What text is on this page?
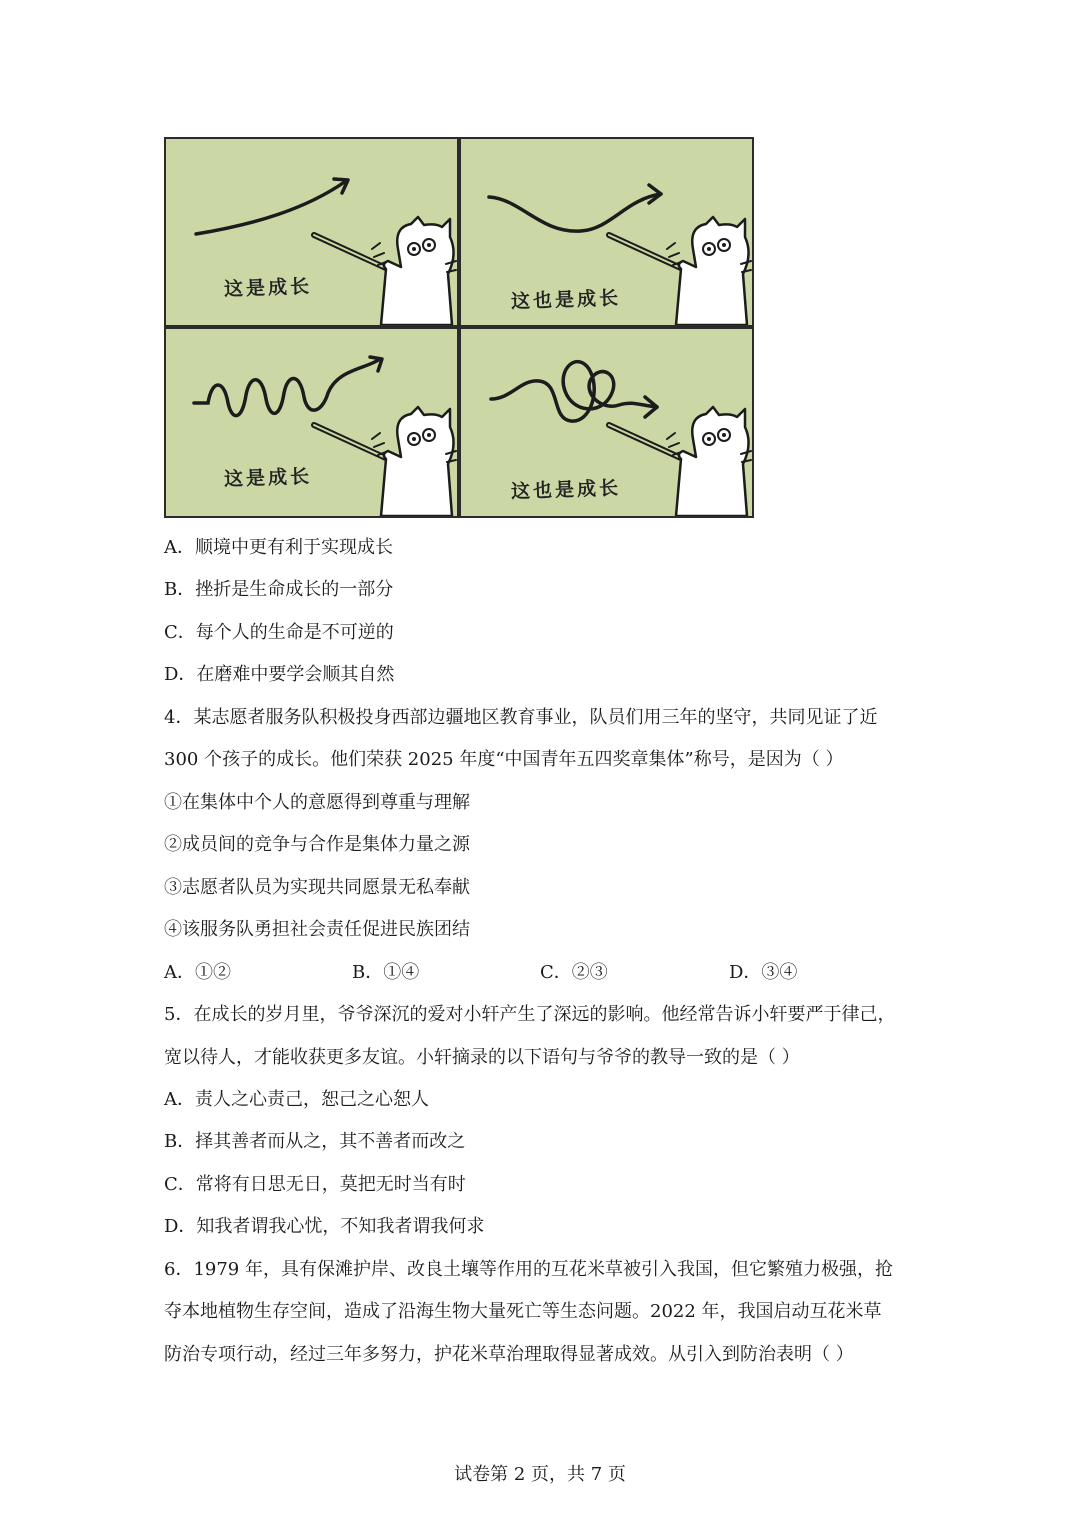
这是成长	这也是成长
这是成长	这也是成长
A．顺境中更有利于实现成长
B．挫折是生命成长的一部分
C．每个人的生命是不可逆的
D．在磨难中要学会顺其自然
4．某志愿者服务队积极投身西部边疆地区教育事业，队员们用三年的坚守，共同见证了近
300 个孩子的成长。他们荣获 2025 年度“中国青年五四奖章集体”称号，是因为（ ）
①在集体中个人的意愿得到尊重与理解
②成员间的竞争与合作是集体力量之源
③志愿者队员为实现共同愿景无私奉献
④该服务队勇担社会责任促进民族团结
A．①②	B．①④	C．②③	D．③④
5．在成长的岁月里，爷爷深沉的爱对小轩产生了深远的影响。他经常告诉小轩要严于律己，
宽以待人，才能收获更多友谊。小轩摘录的以下语句与爷爷的教导一致的是（ ）
A．责人之心责己，恕己之心恕人
B．择其善者而从之，其不善者而改之
C．常将有日思无日，莫把无时当有时
D．知我者谓我心忧，不知我者谓我何求
6．1979 年，具有保滩护岸、改良土壤等作用的互花米草被引入我国，但它繁殖力极强，抢
夺本地植物生存空间，造成了沿海生物大量死亡等生态问题。2022 年，我国启动互花米草
防治专项行动，经过三年多努力，护花米草治理取得显著成效。从引入到防治表明（ ）
试卷第 2 页，共 7 页
